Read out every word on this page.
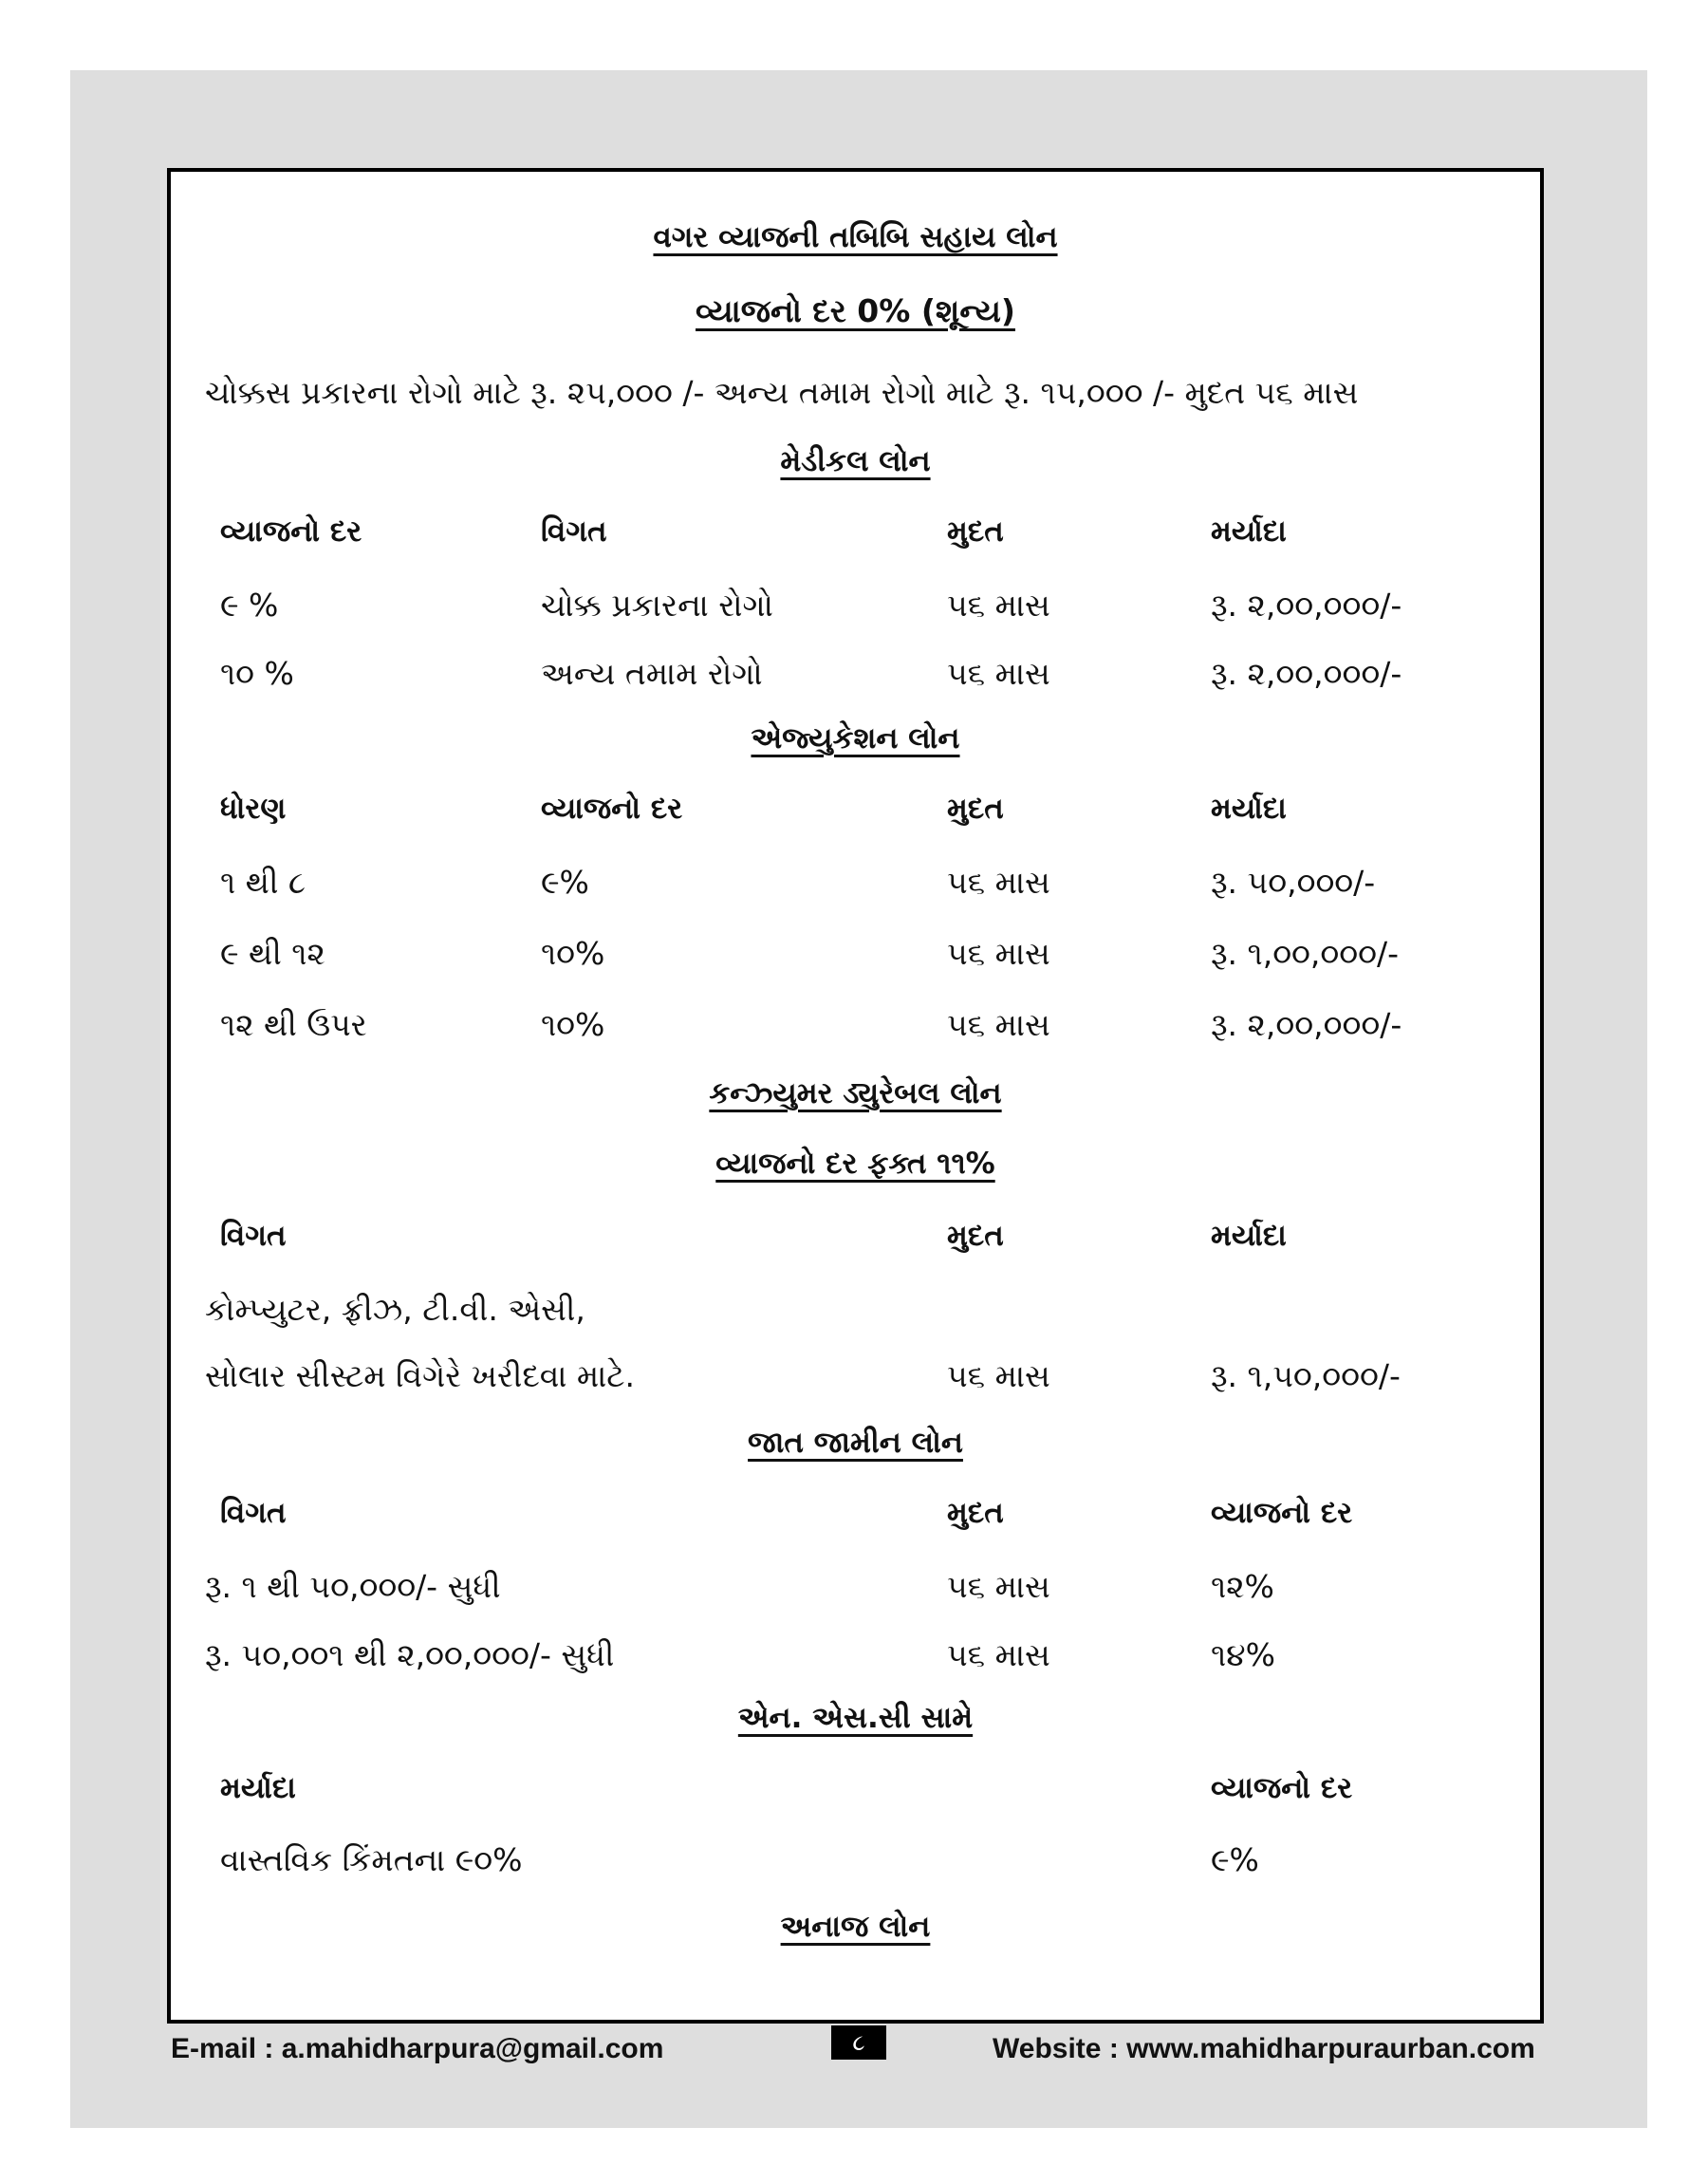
વગર વ્યાજની તબિબિ સહાય લોન
વ્યાજનો દર 0% (શૂન્ય)
ચોક્કસ પ્રકારના રોગો માટે રૂ. ૨૫,૦૦૦ /- અન્ય તમામ રોગો માટે રૂ. ૧૫,૦૦૦ /- મુદત ૫૬ માસ
મેડીકલ લોન
વ્યાજનો દર	વિગત	મુદત	મર્યાદા
૯ %	ચોક્ક પ્રકારના રોગો	૫૬ માસ	રૂ. ૨,૦૦,૦૦૦/-
૧૦ %	અન્ય તમામ રોગો	૫૬ માસ	રૂ. ૨,૦૦,૦૦૦/-
એજ્યુકેશન લોન
ધોરણ	વ્યાજનો દર	મુદત	મર્યાદા
૧ થી ૮	૯%	૫૬ માસ	રૂ. ૫૦,૦૦૦/-
૯ થી ૧૨	૧૦%	૫૬ માસ	રૂ. ૧,૦૦,૦૦૦/-
૧૨ થી ઉપર	૧૦%	૫૬ માસ	રૂ. ૨,૦૦,૦૦૦/-
કન્ઝ્યુમર ડ્યુરેબલ લોન
વ્યાજનો દર ફક્ત ૧૧%
વિગત	મુદત	મર્યાદા
કોમ્પ્યુટર, ફ્રીઝ, ટી.વી. એસી,
સોલાર સીસ્ટમ વિગેરે ખરીદવા માટે.	૫૬ માસ	રૂ. ૧,૫૦,૦૦૦/-
જાત જામીન લોન
વિગત	મુદત	વ્યાજનો દર
રૂ. ૧ થી ૫૦,૦૦૦/- સુધી	૫૬ માસ	૧૨%
રૂ. ૫૦,૦૦૧ થી ૨,૦૦,૦૦૦/- સુધી	૫૬ માસ	૧૪%
એન. એસ.સી સામે
મર્યાદા	વ્યાજનો દર
વાસ્તવિક કિંમતના ૯૦%	૯%
અનાજ લોન
E-mail : a.mahidharpura@gmail.com	૮	Website : www.mahidharpuraurban.com
